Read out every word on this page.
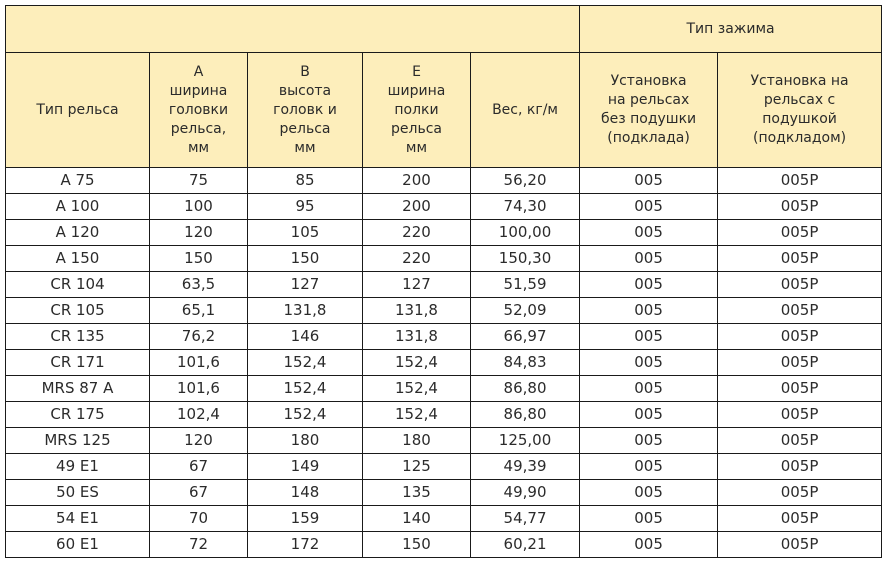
					Тип зажима	
Тип рельса	A
ширина
головки
рельса,
мм	B
высота
головк и
рельса
мм	E
ширина
полки
рельса
мм	Вес, кг/м	Установка
на рельсах
без подушки
(подклада)	Установка на
рельсах с
подушкой
(подкладом)
A 75	75	85	200	56,20	005	005P
A 100	100	95	200	74,30	005	005P
A 120	120	105	220	100,00	005	005P
A 150	150	150	220	150,30	005	005P
CR 104	63,5	127	127	51,59	005	005P
CR 105	65,1	131,8	131,8	52,09	005	005P
CR 135	76,2	146	131,8	66,97	005	005P
CR 171	101,6	152,4	152,4	84,83	005	005P
MRS 87 A	101,6	152,4	152,4	86,80	005	005P
CR 175	102,4	152,4	152,4	86,80	005	005P
MRS 125	120	180	180	125,00	005	005P
49 E1	67	149	125	49,39	005	005P
50 ES	67	148	135	49,90	005	005P
54 E1	70	159	140	54,77	005	005P
60 E1	72	172	150	60,21	005	005P
